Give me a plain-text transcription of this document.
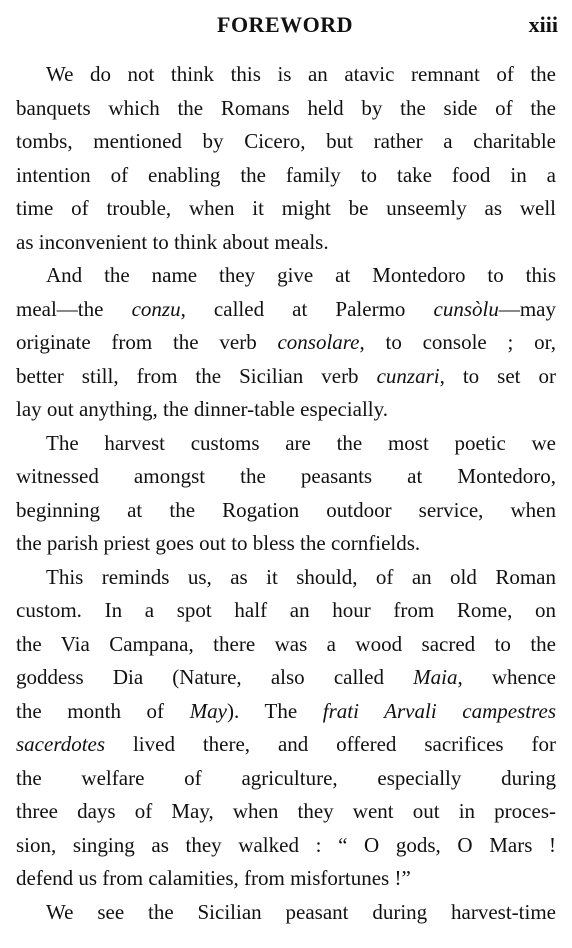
FOREWORD	xiii
We do not think this is an atavic remnant of the
banquets which the Romans held by the side of the
tombs, mentioned by Cicero, but rather a charitable
intention of enabling the family to take food in a
time of trouble, when it might be unseemly as well
as inconvenient to think about meals.
And the name they give at Montedoro to this
meal—the conzu, called at Palermo cunsòlu—may
originate from the verb consolare, to console ; or,
better still, from the Sicilian verb cunzari, to set or
lay out anything, the dinner-table especially.
The harvest customs are the most poetic we
witnessed amongst the peasants at Montedoro,
beginning at the Rogation outdoor service, when
the parish priest goes out to bless the cornfields.
This reminds us, as it should, of an old Roman
custom. In a spot half an hour from Rome, on
the Via Campana, there was a wood sacred to the
goddess Dia (Nature, also called Maia, whence
the month of May). The frati Arvali campestres
sacerdotes lived there, and offered sacrifices for
the welfare of agriculture, especially during
three days of May, when they went out in proces-
sion, singing as they walked : “ O gods, O Mars !
defend us from calamities, from misfortunes !”
We see the Sicilian peasant during harvest-time
